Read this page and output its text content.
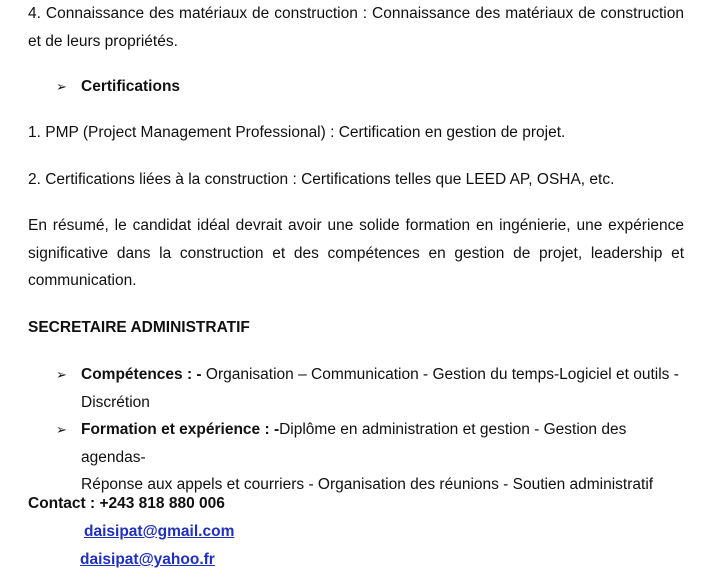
4. Connaissance des matériaux de construction : Connaissance des matériaux de construction et de leurs propriétés.

➢ Certifications

1. PMP (Project Management Professional) : Certification en gestion de projet.

2. Certifications liées à la construction : Certifications telles que LEED AP, OSHA, etc.

En résumé, le candidat idéal devrait avoir une solide formation en ingénierie, une expérience significative dans la construction et des compétences en gestion de projet, leadership et communication.

SECRETAIRE ADMINISTRATIF

➢ Compétences : - Organisation – Communication - Gestion du temps-Logiciel et outils -
Discrétion
➢ Formation et expérience : -Diplôme en administration et gestion - Gestion des agendas-
Réponse aux appels et courriers - Organisation des réunions - Soutien administratif

Contact : +243 818 880 006

daisipat@gmail.com
daisipat@yahoo.fr
